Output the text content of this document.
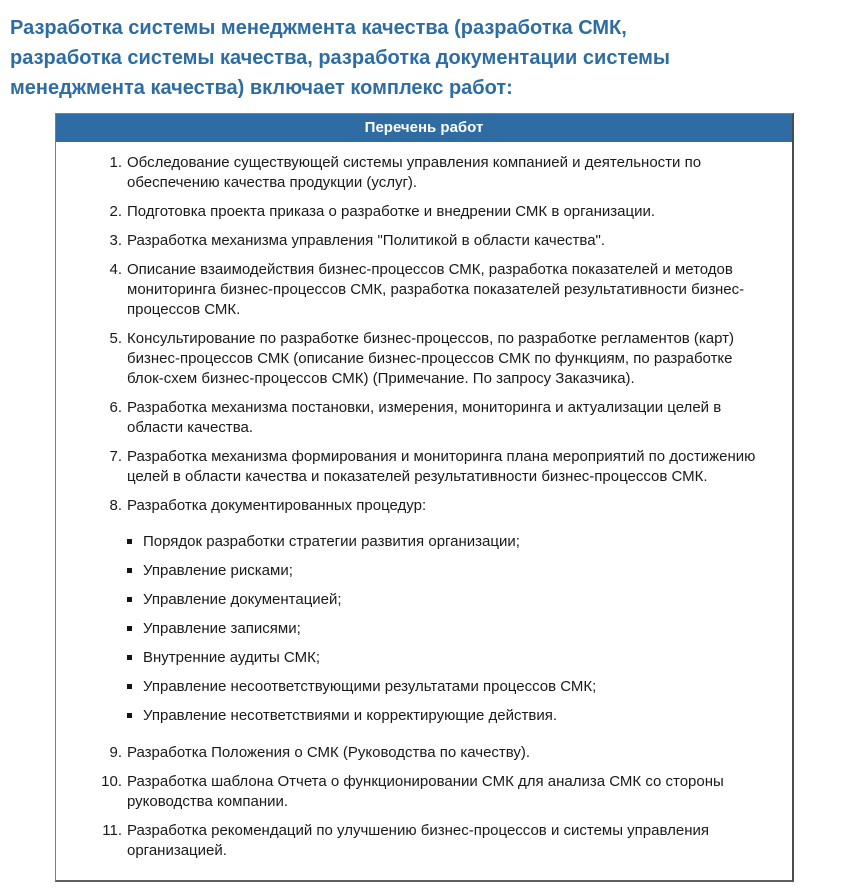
Разработка системы менеджмента качества (разработка СМК,
разработка системы качества, разработка документации системы
менеджмента качества) включает комплекс работ:
Перечень работ
1. Обследование существующей системы управления компанией и деятельности по обеспечению качества продукции (услуг).
2. Подготовка проекта приказа о разработке и внедрении СМК в организации.
3. Разработка механизма управления "Политикой в области качества".
4. Описание взаимодействия бизнес-процессов СМК, разработка показателей и методов мониторинга бизнес-процессов СМК, разработка показателей результативности бизнес-процессов СМК.
5. Консультирование по разработке бизнес-процессов, по разработке регламентов (карт) бизнес-процессов СМК (описание бизнес-процессов СМК по функциям, по разработке блок-схем бизнес-процессов СМК) (Примечание. По запросу Заказчика).
6. Разработка механизма постановки, измерения, мониторинга и актуализации целей в области качества.
7. Разработка механизма формирования и мониторинга плана мероприятий по достижению целей в области качества и показателей результативности бизнес-процессов СМК.
8. Разработка документированных процедур:
Порядок разработки стратегии развития организации;
Управление рисками;
Управление документацией;
Управление записями;
Внутренние аудиты СМК;
Управление несоответствующими результатами процессов СМК;
Управление несответствиями и корректирующие действия.
9. Разработка Положения о СМК (Руководства по качеству).
10. Разработка шаблона Отчета о функционировании СМК для анализа СМК со стороны руководства компании.
11. Разработка рекомендаций по улучшению бизнес-процессов и системы управления организацией.
